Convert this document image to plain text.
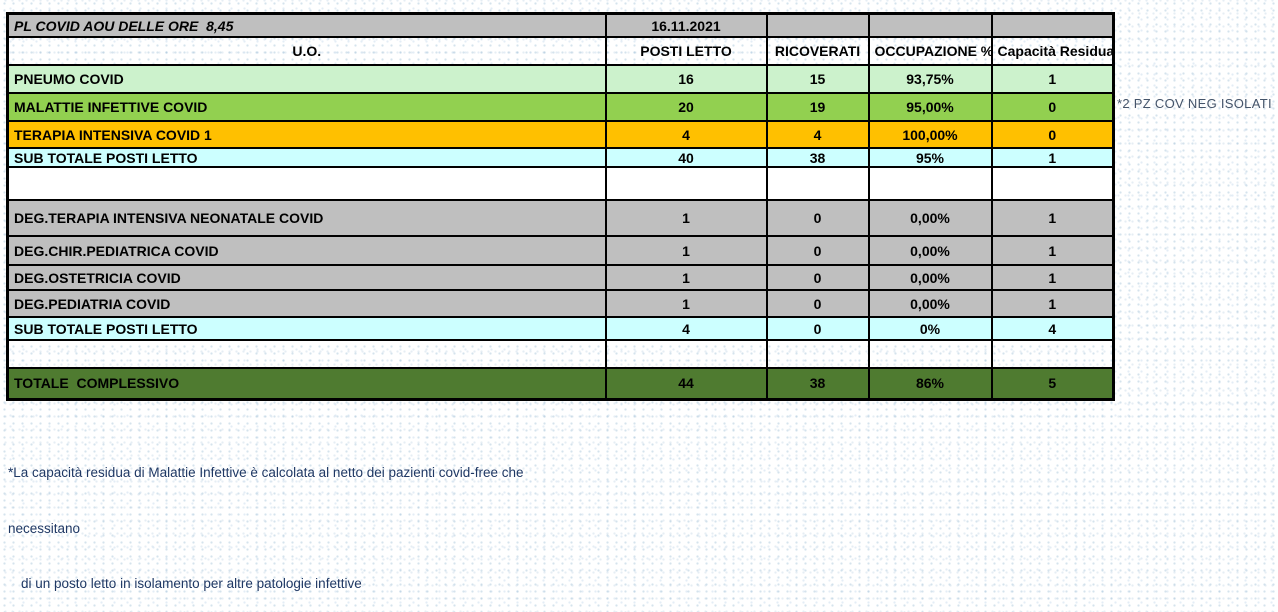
PL COVID AOU DELLE ORE  8,45	16.11.2021			
U.O.	POSTI LETTO	RICOVERATI	OCCUPAZIONE %	Capacità Residua
PNEUMO COVID	16	15	93,75%	1
MALATTIE INFETTIVE COVID	20	19	95,00%	0
TERAPIA INTENSIVA COVID 1	4	4	100,00%	0
SUB TOTALE POSTI LETTO	40	38	95%	1

DEG.TERAPIA INTENSIVA NEONATALE COVID	1	0	0,00%	1
DEG.CHIR.PEDIATRICA COVID	1	0	0,00%	1
DEG.OSTETRICIA COVID	1	0	0,00%	1
DEG.PEDIATRIA COVID	1	0	0,00%	1
SUB TOTALE POSTI LETTO	4	0	0%	4

TOTALE  COMPLESSIVO	44	38	86%	5
*2 PZ COV NEG ISOLATI

*La capacità residua di Malattie Infettive è calcolata al netto dei pazienti covid-free che

necessitano

di un posto letto in isolamento per altre patologie infettive
